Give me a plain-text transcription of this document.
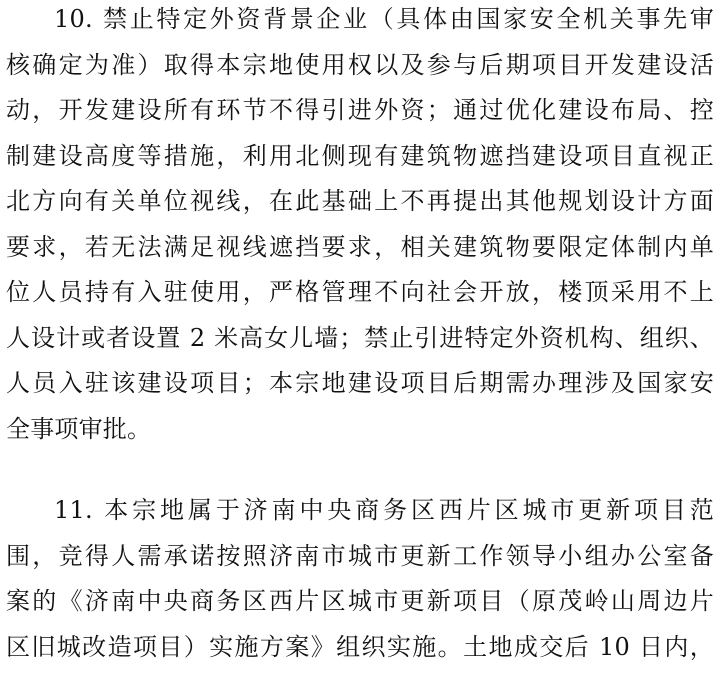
10. 禁止特定外资背景企业（具体由国家安全机关事先审
核确定为准）取得本宗地使用权以及参与后期项目开发建设活
动，开发建设所有环节不得引进外资；通过优化建设布局、控
制建设高度等措施，利用北侧现有建筑物遮挡建设项目直视正
北方向有关单位视线，在此基础上不再提出其他规划设计方面
要求，若无法满足视线遮挡要求，相关建筑物要限定体制内单
位人员持有入驻使用，严格管理不向社会开放，楼顶采用不上
人设计或者设置 2 米高女儿墙；禁止引进特定外资机构、组织、
人员入驻该建设项目；本宗地建设项目后期需办理涉及国家安
全事项审批。
11. 本宗地属于济南中央商务区西片区城市更新项目范
围，竞得人需承诺按照济南市城市更新工作领导小组办公室备
案的《济南中央商务区西片区城市更新项目（原茂岭山周边片
区旧城改造项目）实施方案》组织实施。土地成交后 10 日内，
